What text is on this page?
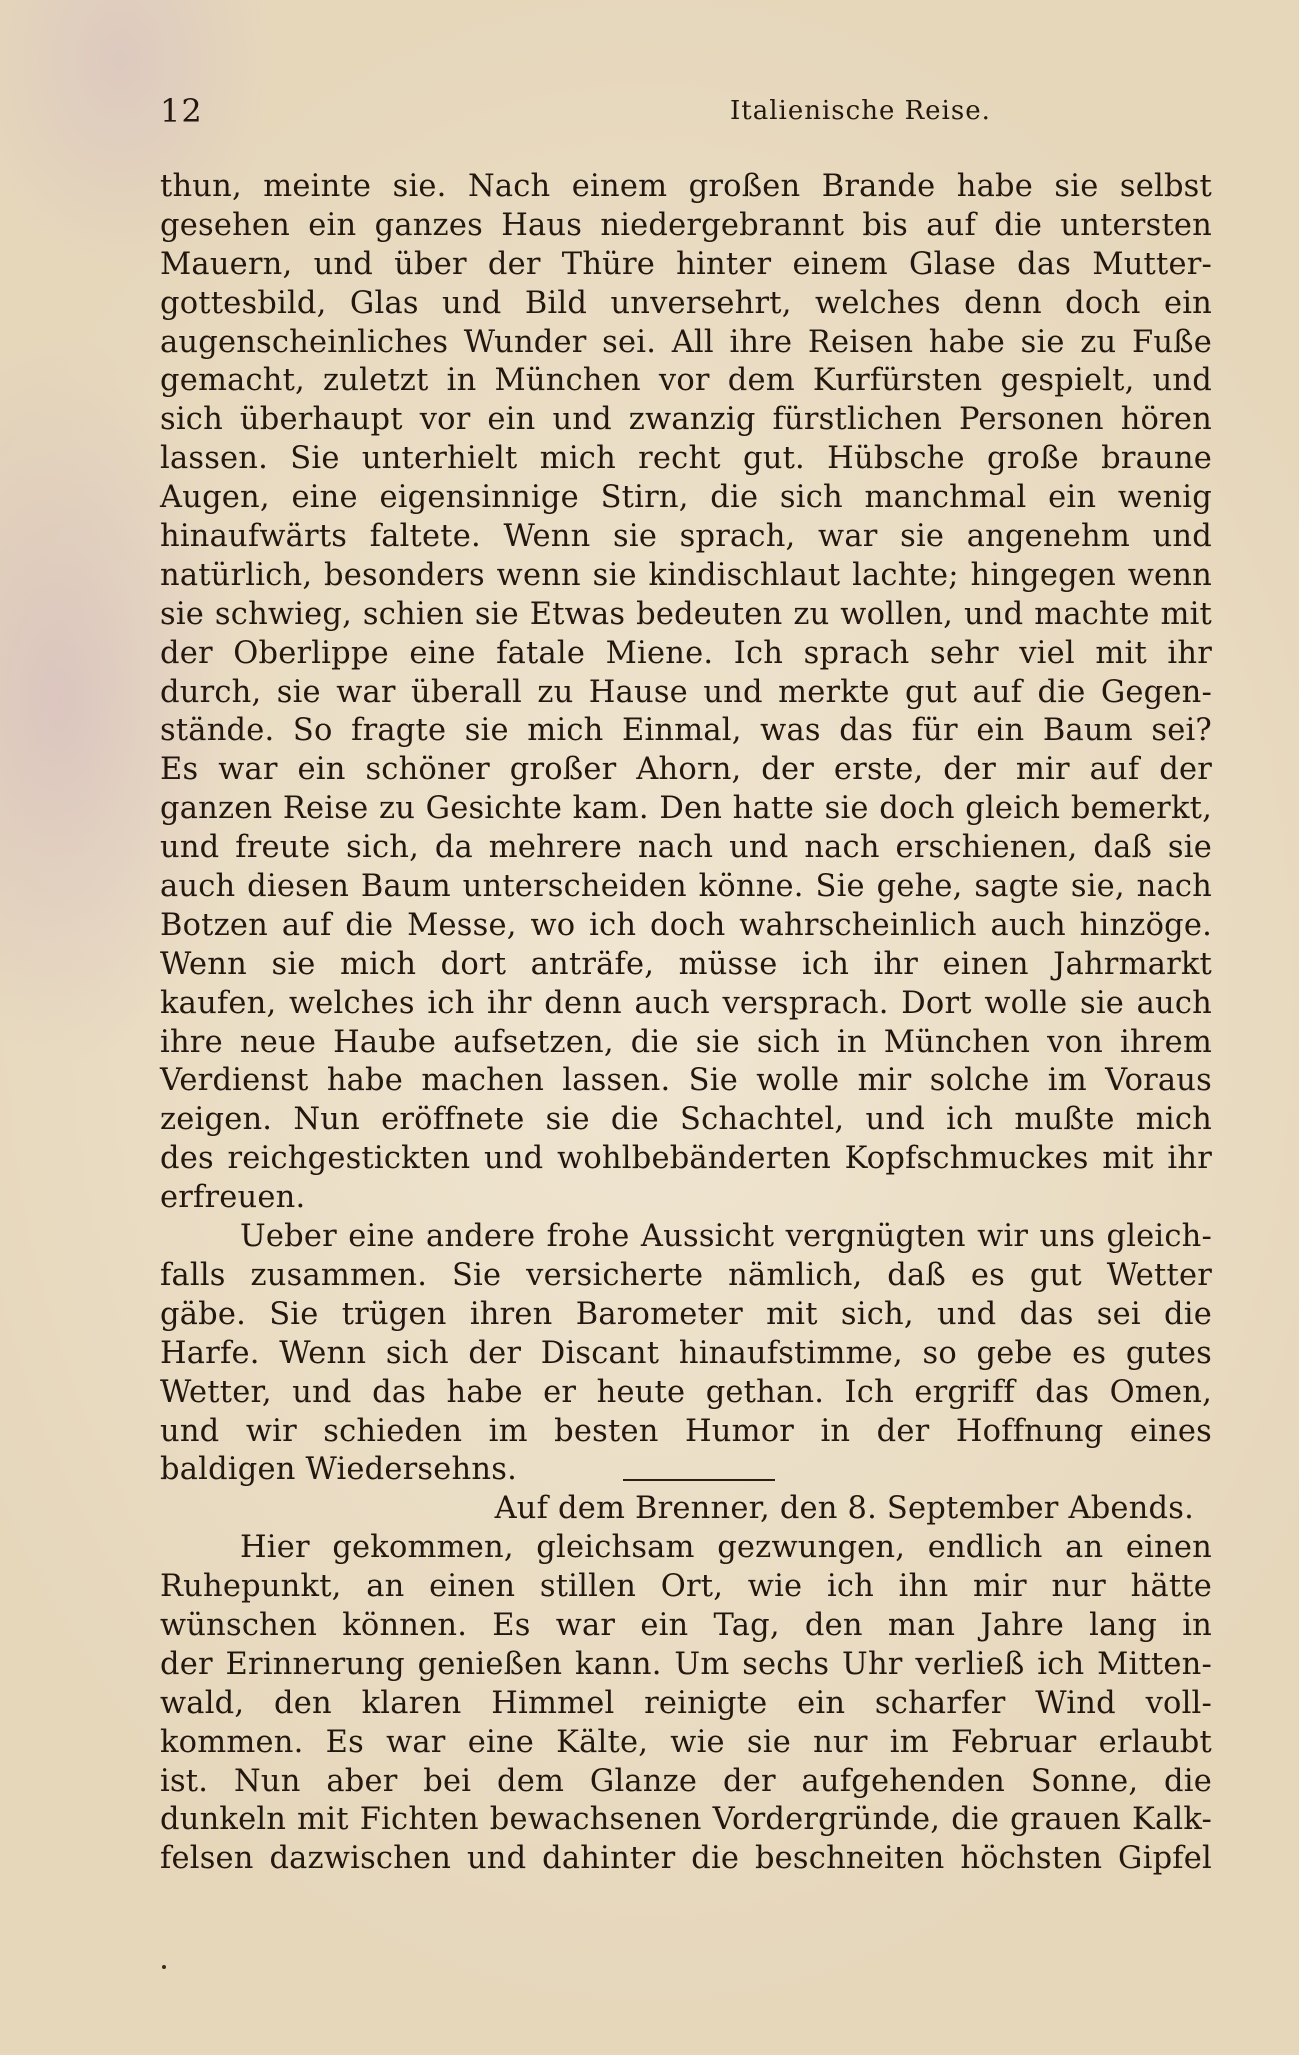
12	Italienische Reise.
thun, meinte sie. Nach einem großen Brande habe sie selbst
gesehen ein ganzes Haus niedergebrannt bis auf die untersten
Mauern, und über der Thüre hinter einem Glase das Mutter-
gottesbild, Glas und Bild unversehrt, welches denn doch ein
augenscheinliches Wunder sei. All ihre Reisen habe sie zu Fuße
gemacht, zuletzt in München vor dem Kurfürsten gespielt, und
sich überhaupt vor ein und zwanzig fürstlichen Personen hören
lassen. Sie unterhielt mich recht gut. Hübsche große braune
Augen, eine eigensinnige Stirn, die sich manchmal ein wenig
hinaufwärts faltete. Wenn sie sprach, war sie angenehm und
natürlich, besonders wenn sie kindischlaut lachte; hingegen wenn
sie schwieg, schien sie Etwas bedeuten zu wollen, und machte mit
der Oberlippe eine fatale Miene. Ich sprach sehr viel mit ihr
durch, sie war überall zu Hause und merkte gut auf die Gegen-
stände. So fragte sie mich Einmal, was das für ein Baum sei?
Es war ein schöner großer Ahorn, der erste, der mir auf der
ganzen Reise zu Gesichte kam. Den hatte sie doch gleich bemerkt,
und freute sich, da mehrere nach und nach erschienen, daß sie
auch diesen Baum unterscheiden könne. Sie gehe, sagte sie, nach
Botzen auf die Messe, wo ich doch wahrscheinlich auch hinzöge.
Wenn sie mich dort anträfe, müsse ich ihr einen Jahrmarkt
kaufen, welches ich ihr denn auch versprach. Dort wolle sie auch
ihre neue Haube aufsetzen, die sie sich in München von ihrem
Verdienst habe machen lassen. Sie wolle mir solche im Voraus
zeigen. Nun eröffnete sie die Schachtel, und ich mußte mich
des reichgestickten und wohlbebänderten Kopfschmuckes mit ihr
erfreuen.
Ueber eine andere frohe Aussicht vergnügten wir uns gleich-
falls zusammen. Sie versicherte nämlich, daß es gut Wetter
gäbe. Sie trügen ihren Barometer mit sich, und das sei die
Harfe. Wenn sich der Discant hinaufstimme, so gebe es gutes
Wetter, und das habe er heute gethan. Ich ergriff das Omen,
und wir schieden im besten Humor in der Hoffnung eines
baldigen Wiedersehns.
Auf dem Brenner, den 8. September Abends.
Hier gekommen, gleichsam gezwungen, endlich an einen
Ruhepunkt, an einen stillen Ort, wie ich ihn mir nur hätte
wünschen können. Es war ein Tag, den man Jahre lang in
der Erinnerung genießen kann. Um sechs Uhr verließ ich Mitten-
wald, den klaren Himmel reinigte ein scharfer Wind voll-
kommen. Es war eine Kälte, wie sie nur im Februar erlaubt
ist. Nun aber bei dem Glanze der aufgehenden Sonne, die
dunkeln mit Fichten bewachsenen Vordergründe, die grauen Kalk-
felsen dazwischen und dahinter die beschneiten höchsten Gipfel
